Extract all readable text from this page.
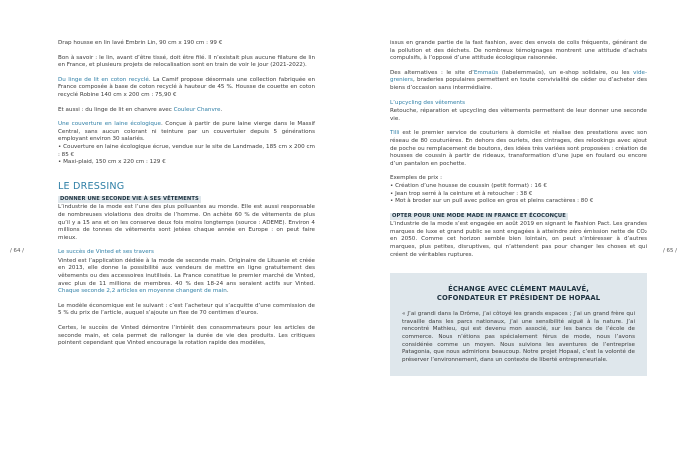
Drap housse en lin lavé Embrin Lin, 90 cm x 190 cm : 99 €

Bon à savoir : le lin, avant d’être tissé, doit être filé. Il n’existait plus aucune filature de lin en France, et plusieurs projets de relocalisation sont en train de voir le jour (2021-2022).

Du linge de lit en coton recyclé. La Camif propose désormais une collection fabriquée en France composée à base de coton recyclé à hauteur de 45 %. Housse de couette en coton recyclé Robine 140 cm x 200 cm : 75,90 €

Et aussi : du linge de lit en chanvre avec Couleur Chanvre.

Une couverture en laine écologique. Conçue à partir de pure laine vierge dans le Massif Central, sans aucun colorant ni teinture par un couvertuier depuis 5 générations employant environ 30 salariés.

• Couverture en laine écologique écrue, vendue sur le site de Landmade, 185 cm x 200 cm : 85 €

• Maxi-plaid, 150 cm x 220 cm : 129 €

LE DRESSING
DONNER UNE SECONDE VIE À SES VÊTEMENTS

L’industrie de la mode est l’une des plus polluantes au monde. Elle est aussi responsable de nombreuses violations des droits de l’homme. On achète 60 % de vêtements de plus qu’il y a 15 ans et on les conserve deux fois moins longtemps (source : ADEME). Environ 4 millions de tonnes de vêtements sont jetées chaque année en Europe : on peut faire mieux.

Le succès de Vinted et ses travers

Vinted est l’application dédiée à la mode de seconde main. Originaire de Lituanie et créée en 2013, elle donne la possibilité aux vendeurs de mettre en ligne gratuitement des vêtements ou des accessoires inutilisés. La France constitue le premier marché de Vinted, avec plus de 11 millions de membres. 40 % des 18-24 ans seraient actifs sur Vinted. Chaque seconde 2,2 articles en moyenne changent de main.

Le modèle économique est le suivant : c’est l’acheteur qui s’acquitte d’une commission de 5 % du prix de l’article, auquel s’ajoute un fixe de 70 centimes d’euros.

Certes, le succès de Vinted démontre l’intérêt des consommateurs pour les articles de seconde main, et cela permet de rallonger la durée de vie des produits. Les critiques pointent cependant que Vinted encourage la rotation rapide des modèles,

/ 64 /

issus en grande partie de la fast fashion, avec des envois de colis fréquents, générant de la pollution et des déchets. De nombreux témoignages montrent une attitude d’achats compulsifs, à l’opposé d’une attitude écologique raisonnée.

Des alternatives : le site d’Emmaüs (labelemmaüs), un e-shop solidaire, ou les vide-greniers, braderies populaires permettent en toute convivialité de céder ou d’acheter des biens d’occasion sans intermédiaire.

L’upcycling des vêtements

Retouche, réparation et upcycling des vêtements permettent de leur donner une seconde vie.

Tilli est le premier service de couturiers à domicile et réalise des prestations avec son réseau de 80 couturières. En dehors des ourlets, des cintrages, des relookings avec ajout de poche ou remplacement de boutons, des idées très variées sont proposées : création de housses de coussin à partir de rideaux, transformation d’une jupe en foulard ou encore d’un pantalon en pochette.

Exemples de prix :

• Création d’une housse de coussin (petit format) : 16 €

• Jean trop serré à la ceinture et à retoucher : 38 €

• Mot à broder sur un pull avec police en gros et pleins caractères : 80 €

OPTER POUR UNE MODE MADE IN FRANCE ET ÉCOCONÇUE

L’industrie de la mode s’est engagée en août 2019 en signant le Fashion Pact. Les grandes marques de luxe et grand public se sont engagées à atteindre zéro émission nette de CO₂ en 2050. Comme cet horizon semble bien lointain, on peut s’intéresser à d’autres marques, plus petites, disruptives, qui n’attendent pas pour changer les choses et qui créent de véritables ruptures.

ÉCHANGE AVEC CLÉMENT MAULAVÉ,
COFONDATEUR ET PRÉSIDENT DE HOPAAL

« J’ai grandi dans la Drôme, j’ai côtoyé les grands espaces ; j’ai un grand frère qui travaille dans les parcs nationaux, j’ai une sensibilité aiguë à la nature. J’ai rencontré Mathieu, qui est devenu mon associé, sur les bancs de l’école de commerce. Nous n’étions pas spécialement férus de mode, nous l’avons considérée comme un moyen. Nous suivions les aventures de l’entreprise Patagonia, que nous admirions beaucoup. Notre projet Hopaal, c’est la volonté de préserver l’environnement, dans un contexte de liberté entrepreneuriale.

/ 65 /
